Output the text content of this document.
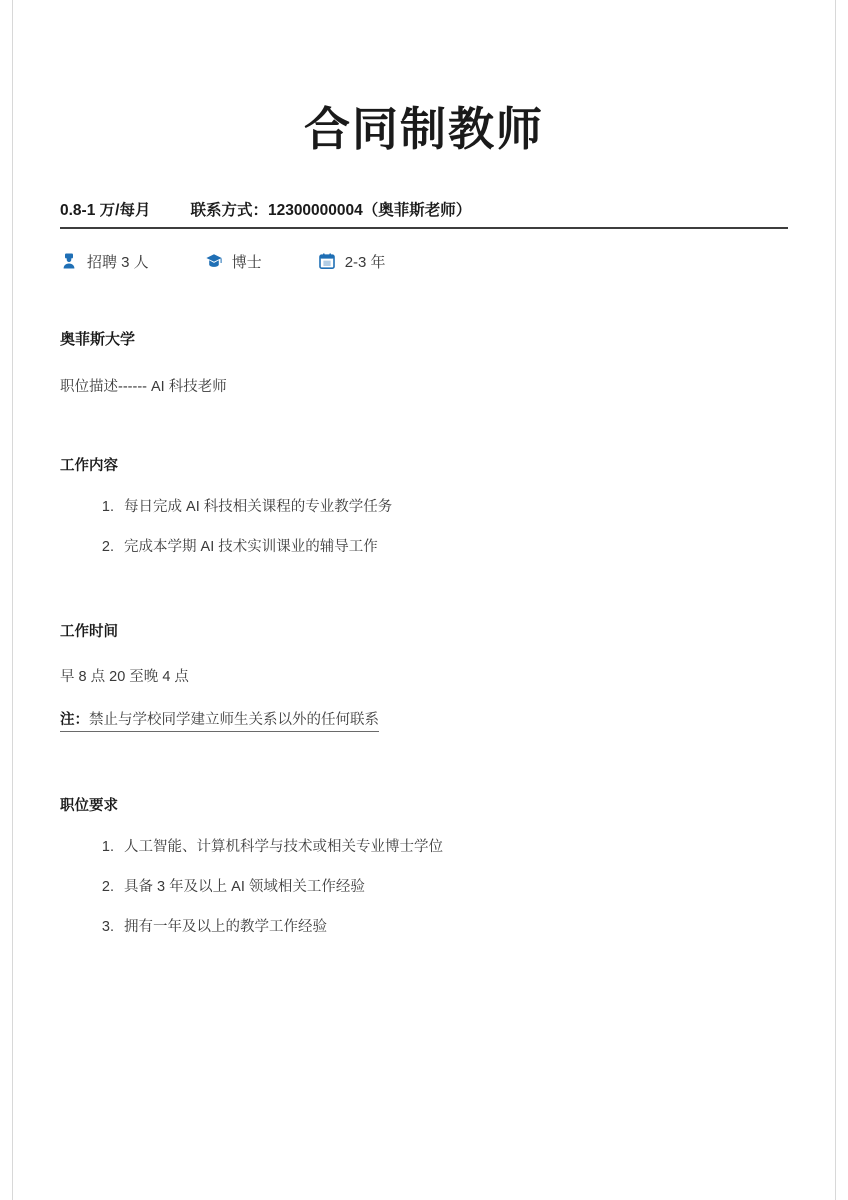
合同制教师
0.8-1 万/每月	联系方式：12300000004（奥菲斯老师）
招聘 3 人	博士	2-3 年
奥菲斯大学
职位描述------ AI 科技老师
工作内容
1. 每日完成 AI 科技相关课程的专业教学任务
2. 完成本学期 AI 技术实训课业的辅导工作
工作时间
早 8 点 20 至晚 4 点
注：禁止与学校同学建立师生关系以外的任何联系
职位要求
1. 人工智能、计算机科学与技术或相关专业博士学位
2. 具备 3 年及以上 AI 领域相关工作经验
3. 拥有一年及以上的教学工作经验
